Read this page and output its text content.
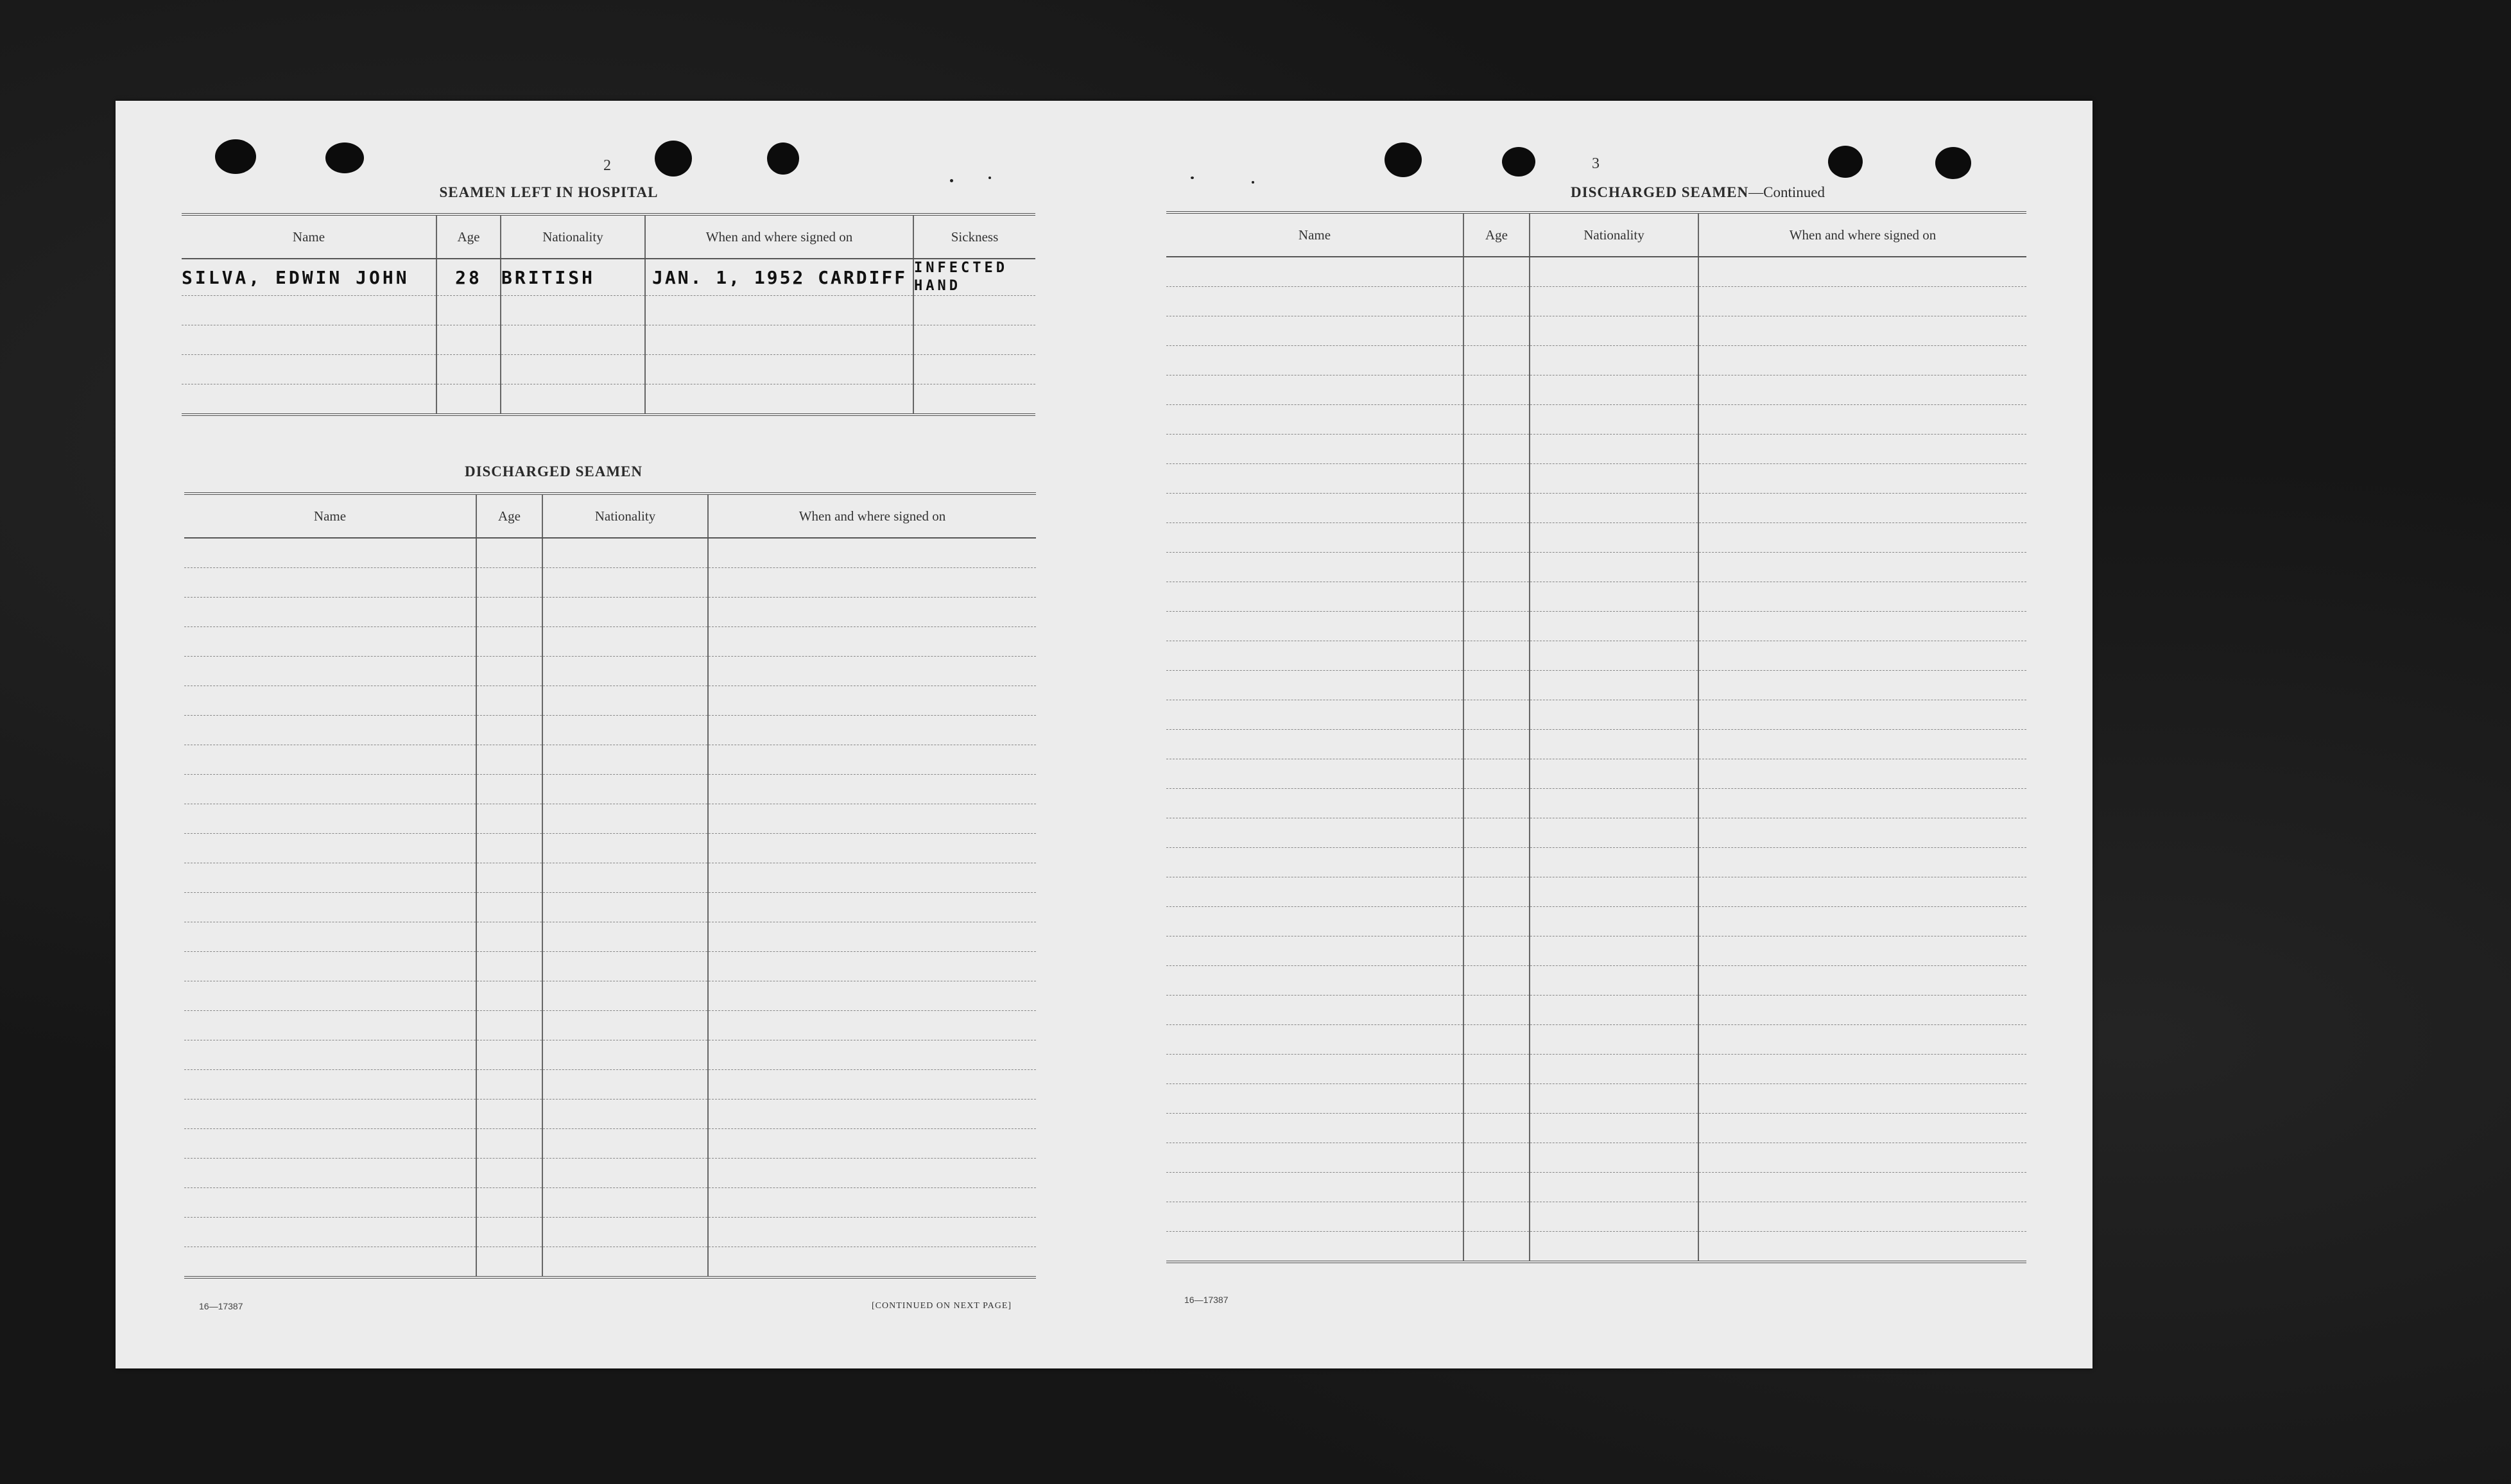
2
SEAMEN LEFT IN HOSPITAL
Name	Age	Nationality	When and where signed on	Sickness
SILVA, EDWIN JOHN	28	BRITISH	JAN. 1, 1952 CARDIFF	INFECTED
HAND

DISCHARGED SEAMEN
Name	Age	Nationality	When and where signed on

16—17387	[CONTINUED ON NEXT PAGE]
3
DISCHARGED SEAMEN—Continued
Name	Age	Nationality	When and where signed on

16—17387
